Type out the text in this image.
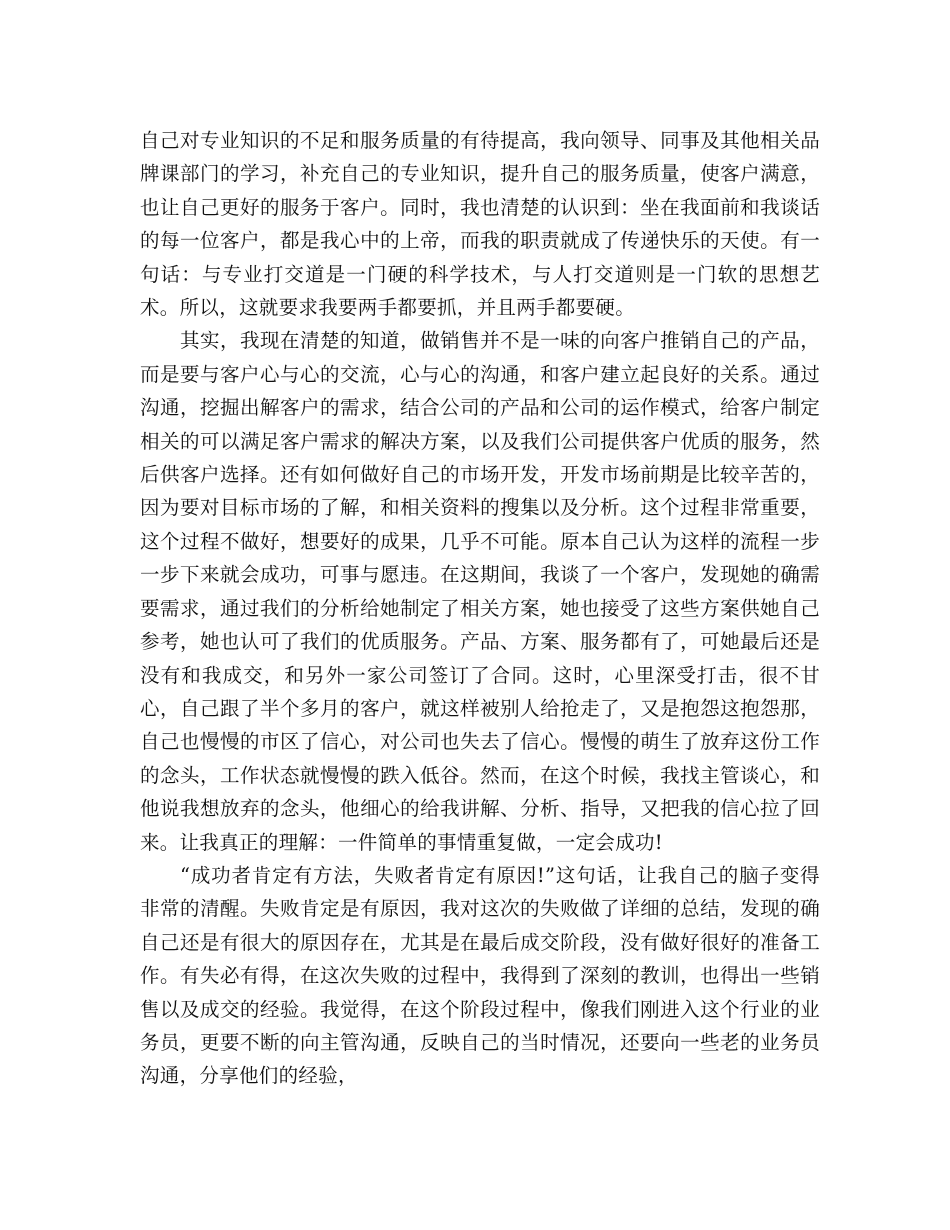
自己对专业知识的不足和服务质量的有待提高，我向领导、同事及其他相关品牌课部门的学习，补充自己的专业知识，提升自己的服务质量，使客户满意，也让自己更好的服务于客户。同时，我也清楚的认识到：坐在我面前和我谈话的每一位客户，都是我心中的上帝，而我的职责就成了传递快乐的天使。有一句话：与专业打交道是一门硬的科学技术，与人打交道则是一门软的思想艺术。所以，这就要求我要两手都要抓，并且两手都要硬。

其实，我现在清楚的知道，做销售并不是一味的向客户推销自己的产品，而是要与客户心与心的交流，心与心的沟通，和客户建立起良好的关系。通过沟通，挖掘出解客户的需求，结合公司的产品和公司的运作模式，给客户制定相关的可以满足客户需求的解决方案，以及我们公司提供客户优质的服务，然后供客户选择。还有如何做好自己的市场开发，开发市场前期是比较辛苦的，因为要对目标市场的了解，和相关资料的搜集以及分析。这个过程非常重要，这个过程不做好，想要好的成果，几乎不可能。原本自己认为这样的流程一步一步下来就会成功，可事与愿违。在这期间，我谈了一个客户，发现她的确需要需求，通过我们的分析给她制定了相关方案，她也接受了这些方案供她自己参考，她也认可了我们的优质服务。产品、方案、服务都有了，可她最后还是没有和我成交，和另外一家公司签订了合同。这时，心里深受打击，很不甘心，自己跟了半个多月的客户，就这样被别人给抢走了，又是抱怨这抱怨那，自己也慢慢的市区了信心，对公司也失去了信心。慢慢的萌生了放弃这份工作的念头，工作状态就慢慢的跌入低谷。然而，在这个时候，我找主管谈心，和他说我想放弃的念头，他细心的给我讲解、分析、指导，又把我的信心拉了回来。让我真正的理解：一件简单的事情重复做，一定会成功!

“成功者肯定有方法，失败者肯定有原因!”这句话，让我自己的脑子变得非常的清醒。失败肯定是有原因，我对这次的失败做了详细的总结，发现的确自己还是有很大的原因存在，尤其是在最后成交阶段，没有做好很好的准备工作。有失必有得，在这次失败的过程中，我得到了深刻的教训，也得出一些销售以及成交的经验。我觉得，在这个阶段过程中，像我们刚进入这个行业的业务员，更要不断的向主管沟通，反映自己的当时情况，还要向一些老的业务员沟通，分享他们的经验，
